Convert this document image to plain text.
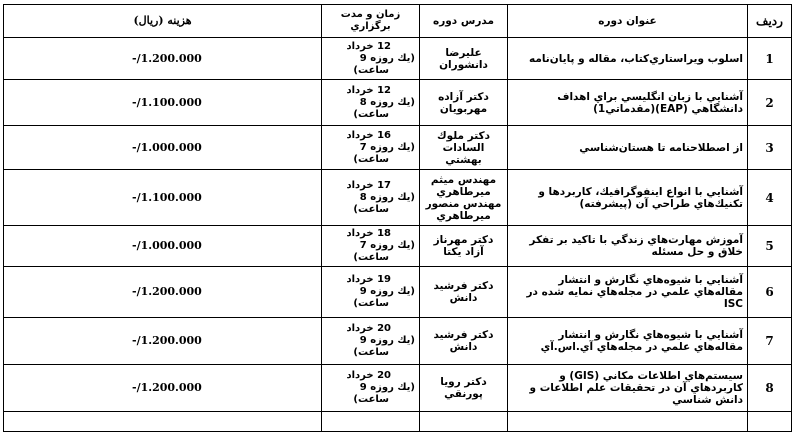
ردیف	عنوان دوره	مدرس دوره	زمان و مدت برگزاري	هزينه (ريال)
1	اسلوب ويراستاري‌كتاب، مقاله و پايان‌نامه	عليرضا دانشوران	12 خرداد
(يك روزه 9
ساعت)	1.200.000/-
2	آشنايي با زبان انگليسي براي اهداف دانشگاهي (EAP)(مقدماتي1)	دكتر آزاده مهربويان	12 خرداد
(يك روزه 8
ساعت)	1.100.000/-
3	از اصطلاحنامه تا هستان‌شناسي	دكتر ملوك السادات بهشتي	16 خرداد
(يك روزه 7
ساعت)	1.000.000/-
4	آشنايي با انواع اينفوگرافيك، كاربردها و تكنيك‌هاي طراحي آن (پيشرفته)	مهندس ميثم ميرطاهري مهندس منصور ميرطاهري	17 خرداد
(يك روزه 8
ساعت)	1.100.000/-
5	آموزش مهارت‌هاي زندگي با تاكيد بر تفكر خلاق و حل مسئله	دكتر مهرناز آزاد يكتا	18 خرداد
(يك روزه 7
ساعت)	1.000.000/-
6	آشنايي با شيوه‌هاي نگارش و انتشار مقاله‌هاي علمي در مجله‌هاي نمايه شده در ISC	دكتر فرشيد دانش	19 خرداد
(يك روزه 9
ساعت)	1.200.000/-
7	آشنايي با شيوه‌هاي نگارش و انتشار مقاله‌هاي علمي در مجله‌هاي آي.اس.آي	دكتر فرشيد دانش	20 خرداد
(يك روزه 9
ساعت)	1.200.000/-
8	سيستم‌هاي اطلاعات مكاني (GIS) و كاربردهاي آن در تحقيقات علم اطلاعات و دانش شناسي	دكتر رويا پورنقي	20 خرداد
(يك روزه 9
ساعت)	1.200.000/-
